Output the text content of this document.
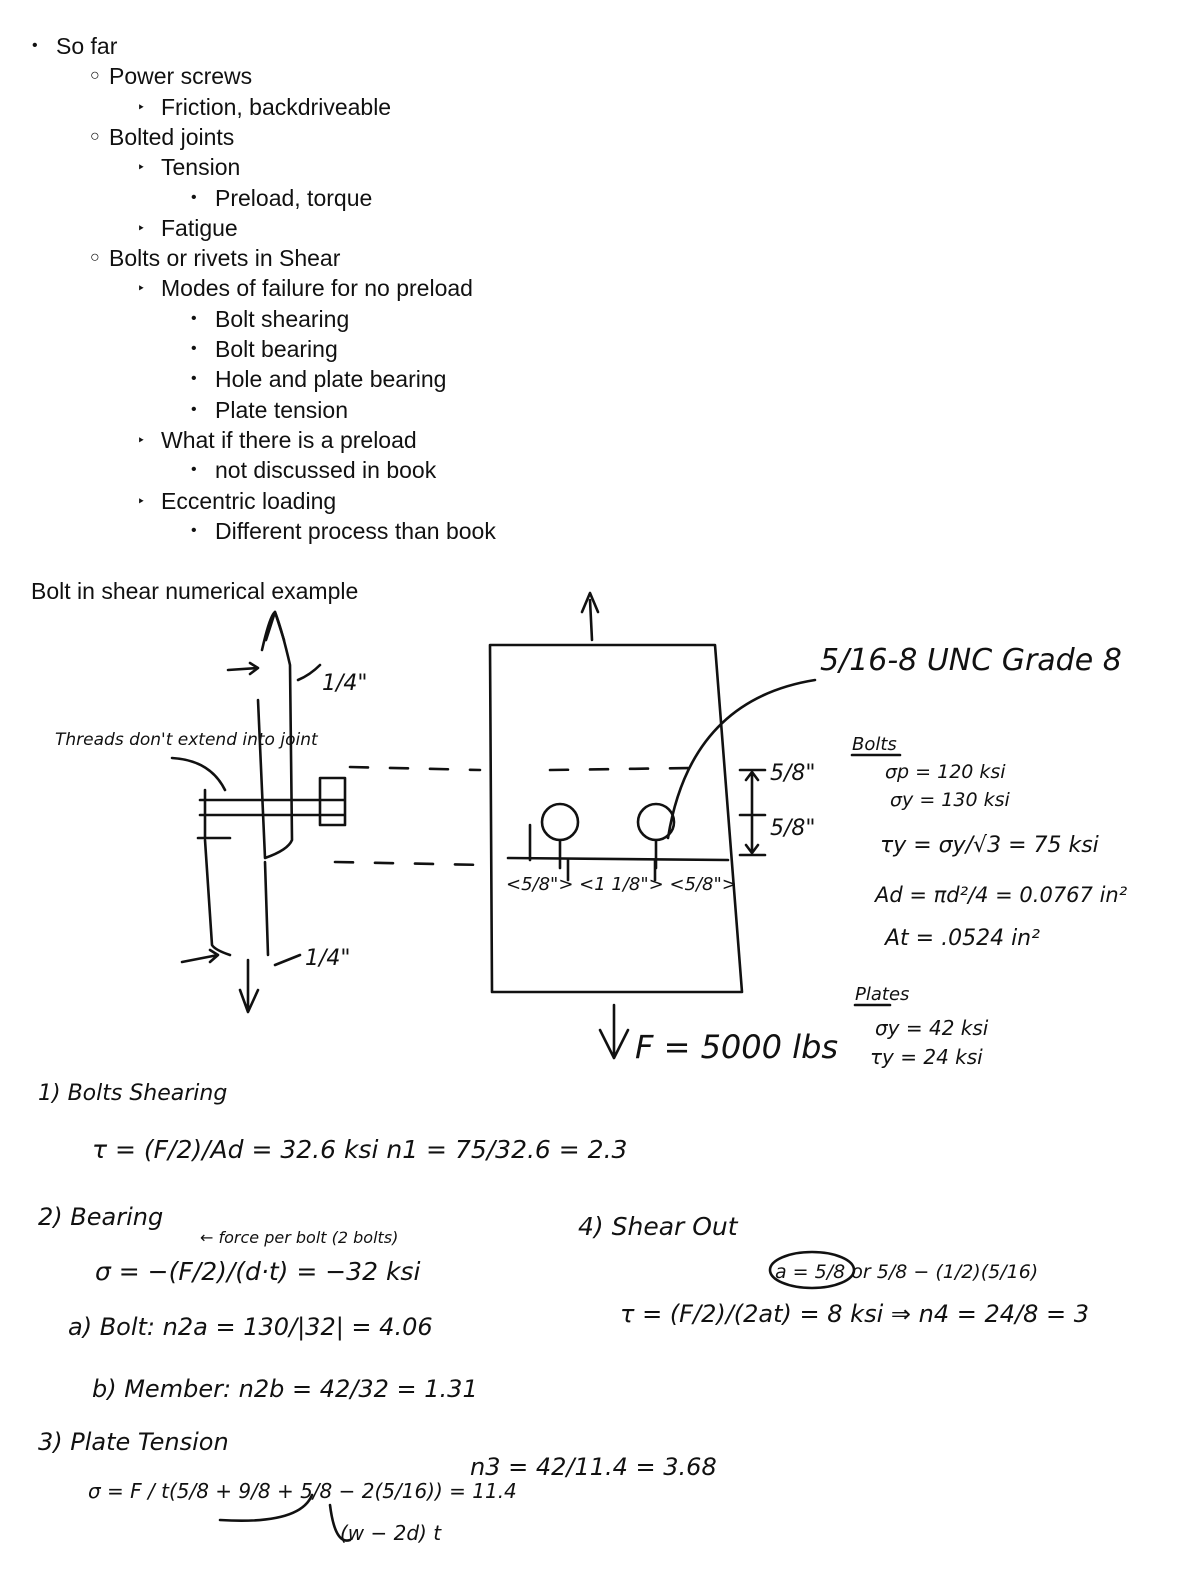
• So far
○ Power screws
‣ Friction, backdriveable
○ Bolted joints
‣ Tension
• Preload, torque
‣ Fatigue
○ Bolts or rivets in Shear
‣ Modes of failure for no preload
• Bolt shearing
• Bolt bearing
• Hole and plate bearing
• Plate tension
‣ What if there is a preload
• not discussed in book
‣ Eccentric loading
• Different process than book
Bolt in shear numerical example
Threads don't extend into joint
1/4"
1/4"
5/16-8 UNC Grade 8
5/8"
5/8"
<5/8"> <1 1/8"> <5/8">
F = 5000 lbs
Bolts
σp = 120 ksi
σy = 130 ksi
τy = σy/√3 = 75 ksi
Ad = πd²/4 = 0.0767 in²
At = .0524 in²
Plates
σy = 42 ksi
τy = 24 ksi
1) Bolts Shearing
τ = (F/2)/Ad = 32.6 ksi n1 = 75/32.6 = 2.3
2) Bearing
← force per bolt (2 bolts)
σ = −(F/2)/(d·t) = −32 ksi
a) Bolt: n2a = 130/|32| = 4.06
b) Member: n2b = 42/32 = 1.31
3) Plate Tension
σ = F / t(5/8 + 9/8 + 5/8 − 2(5/16)) = 11.4
(w − 2d) t
n3 = 42/11.4 = 3.68
4) Shear Out
a = 5/8 or 5/8 − (1/2)(5/16)
τ = (F/2)/(2at) = 8 ksi ⇒ n4 = 24/8 = 3
